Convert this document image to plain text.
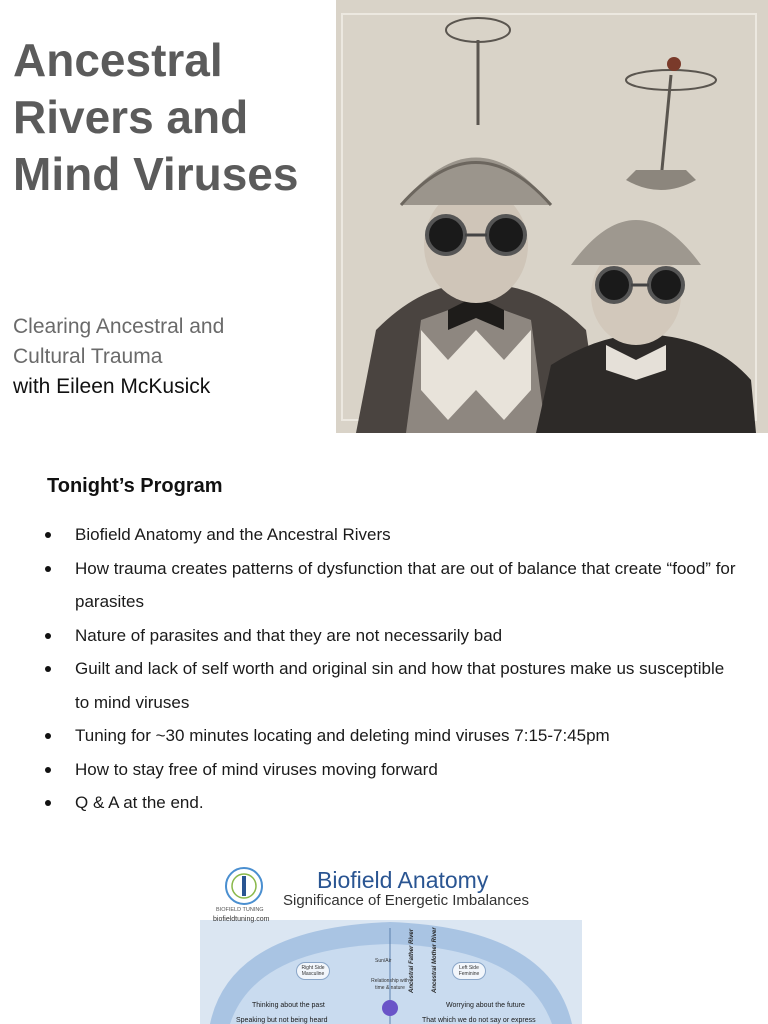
Ancestral
Rivers and
Mind Viruses
Clearing Ancestral and
Cultural Trauma
with Eileen McKusick
Tonight’s Program
Biofield Anatomy and the Ancestral Rivers
How trauma creates patterns of dysfunction that are out of balance that create “food” for parasites
Nature of parasites and that they are not necessarily bad
Guilt and lack of self worth and original sin and how that postures make us susceptible to mind viruses
Tuning for ~30 minutes locating and deleting mind viruses 7:15-7:45pm
How to stay free of mind viruses moving forward
Q & A at the end.
Biofield Anatomy
Significance of Energetic Imbalances
BIOFIELD TUNING
biofieldtuning.com
Sun/Air
Right Side Masculine
Left Side Feminine
Relationship with time & nature Ancestral Father River	Ancestral Mother River
Thinking about the past
Speaking but not being heard
Worrying about the future
That which we do not say or express
